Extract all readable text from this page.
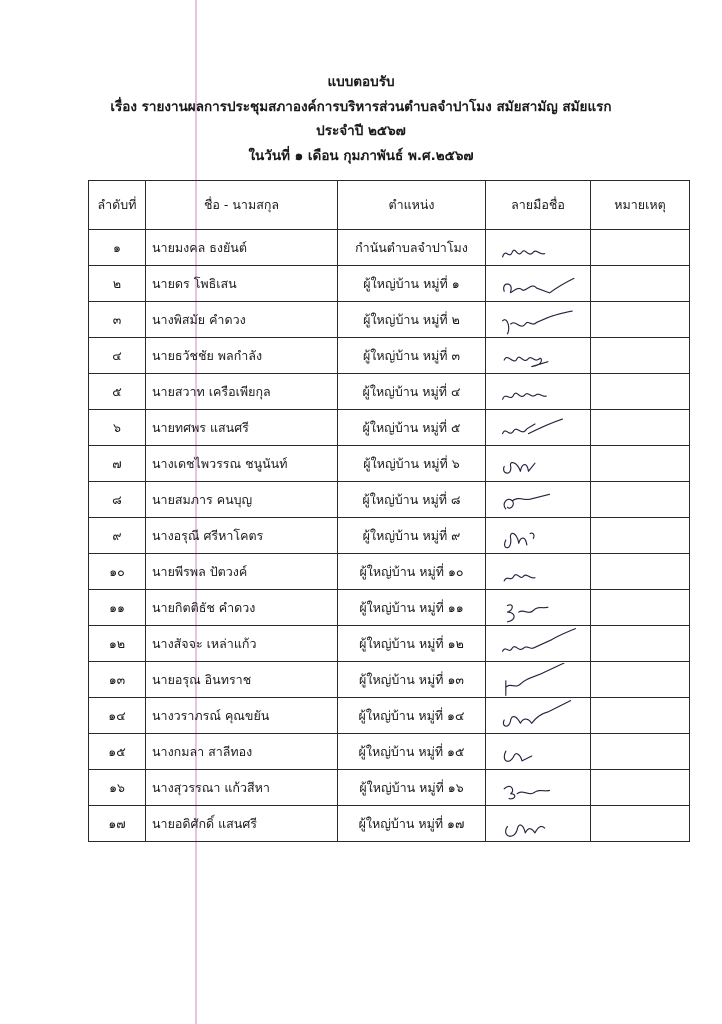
แบบตอบรับ
เรื่อง รายงานผลการประชุมสภาองค์การบริหารส่วนตำบลจำปาโมง สมัยสามัญ สมัยแรก
ประจำปี ๒๕๖๗
ในวันที่ ๑ เดือน กุมภาพันธ์ พ.ศ.๒๕๖๗
ลำดับที่	ชื่อ - นามสกุล	ตำแหน่ง	ลายมือชื่อ	หมายเหตุ
๑	นายมงคล ธงยันต์	กำนันตำบลจำปาโมง	

๒	นายดร โพธิเสน	ผู้ใหญ่บ้าน หมู่ที่ ๑	

๓	นางพิสมัย คำดวง	ผู้ใหญ่บ้าน หมู่ที่ ๒	

๔	นายธวัชชัย พลกำลัง	ผู้ใหญ่บ้าน หมู่ที่ ๓	

๕	นายสวาท เครือเพียกุล	ผู้ใหญ่บ้าน หมู่ที่ ๔	

๖	นายทศพร แสนศรี	ผู้ใหญ่บ้าน หมู่ที่ ๕	

๗	นางเดชไพวรรณ ชนูนันท์	ผู้ใหญ่บ้าน หมู่ที่ ๖	

๘	นายสมภาร คนบุญ	ผู้ใหญ่บ้าน หมู่ที่ ๘	

๙	นางอรุณี ศรีหาโคตร	ผู้ใหญ่บ้าน หมู่ที่ ๙	

๑๐	นายพีรพล ปัตวงค์	ผู้ใหญ่บ้าน หมู่ที่ ๑๐	

๑๑	นายกิตติธัช คำดวง	ผู้ใหญ่บ้าน หมู่ที่ ๑๑	

๑๒	นางสัจจะ เหล่าแก้ว	ผู้ใหญ่บ้าน หมู่ที่ ๑๒	

๑๓	นายอรุณ อินทราช	ผู้ใหญ่บ้าน หมู่ที่ ๑๓	

๑๔	นางวราภรณ์ คุณขยัน	ผู้ใหญ่บ้าน หมู่ที่ ๑๔	

๑๕	นางกมลา สาลีทอง	ผู้ใหญ่บ้าน หมู่ที่ ๑๕	

๑๖	นางสุวรรณา แก้วสีหา	ผู้ใหญ่บ้าน หมู่ที่ ๑๖	

๑๗	นายอดิศักดิ์ แสนศรี	ผู้ใหญ่บ้าน หมู่ที่ ๑๗	
